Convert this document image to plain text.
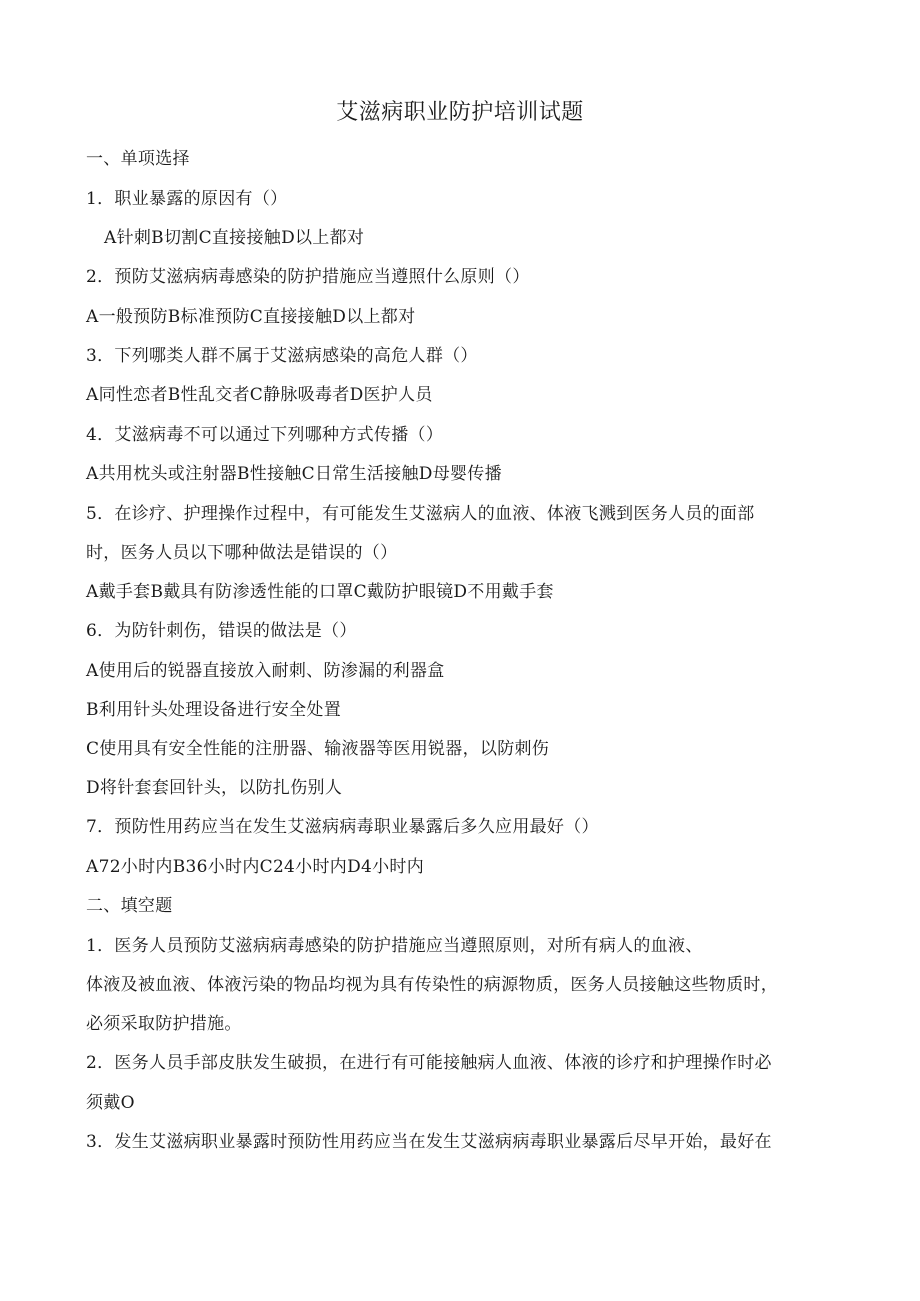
艾滋病职业防护培训试题
一、单项选择
1．职业暴露的原因有（）
A针刺B切割C直接接触D以上都对
2．预防艾滋病病毒感染的防护措施应当遵照什么原则（）
A一般预防B标准预防C直接接触D以上都对
3．下列哪类人群不属于艾滋病感染的高危人群（）
A同性恋者B性乱交者C静脉吸毒者D医护人员
4．艾滋病毒不可以通过下列哪种方式传播（）
A共用枕头或注射器B性接触C日常生活接触D母婴传播
5．在诊疗、护理操作过程中，有可能发生艾滋病人的血液、体液飞溅到医务人员的面部
时，医务人员以下哪种做法是错误的（）
A戴手套B戴具有防渗透性能的口罩C戴防护眼镜D不用戴手套
6．为防针刺伤，错误的做法是（）
A使用后的锐器直接放入耐刺、防渗漏的利器盒
B利用针头处理设备进行安全处置
C使用具有安全性能的注册器、输液器等医用锐器，以防刺伤
D将针套套回针头，以防扎伤别人
7．预防性用药应当在发生艾滋病病毒职业暴露后多久应用最好（）
A72小时内B36小时内C24小时内D4小时内
二、填空题
1．医务人员预防艾滋病病毒感染的防护措施应当遵照原则，对所有病人的血液、
体液及被血液、体液污染的物品均视为具有传染性的病源物质，医务人员接触这些物质时，
必须采取防护措施。
2．医务人员手部皮肤发生破损，在进行有可能接触病人血液、体液的诊疗和护理操作时必
须戴O
3．发生艾滋病职业暴露时预防性用药应当在发生艾滋病病毒职业暴露后尽早开始，最好在
